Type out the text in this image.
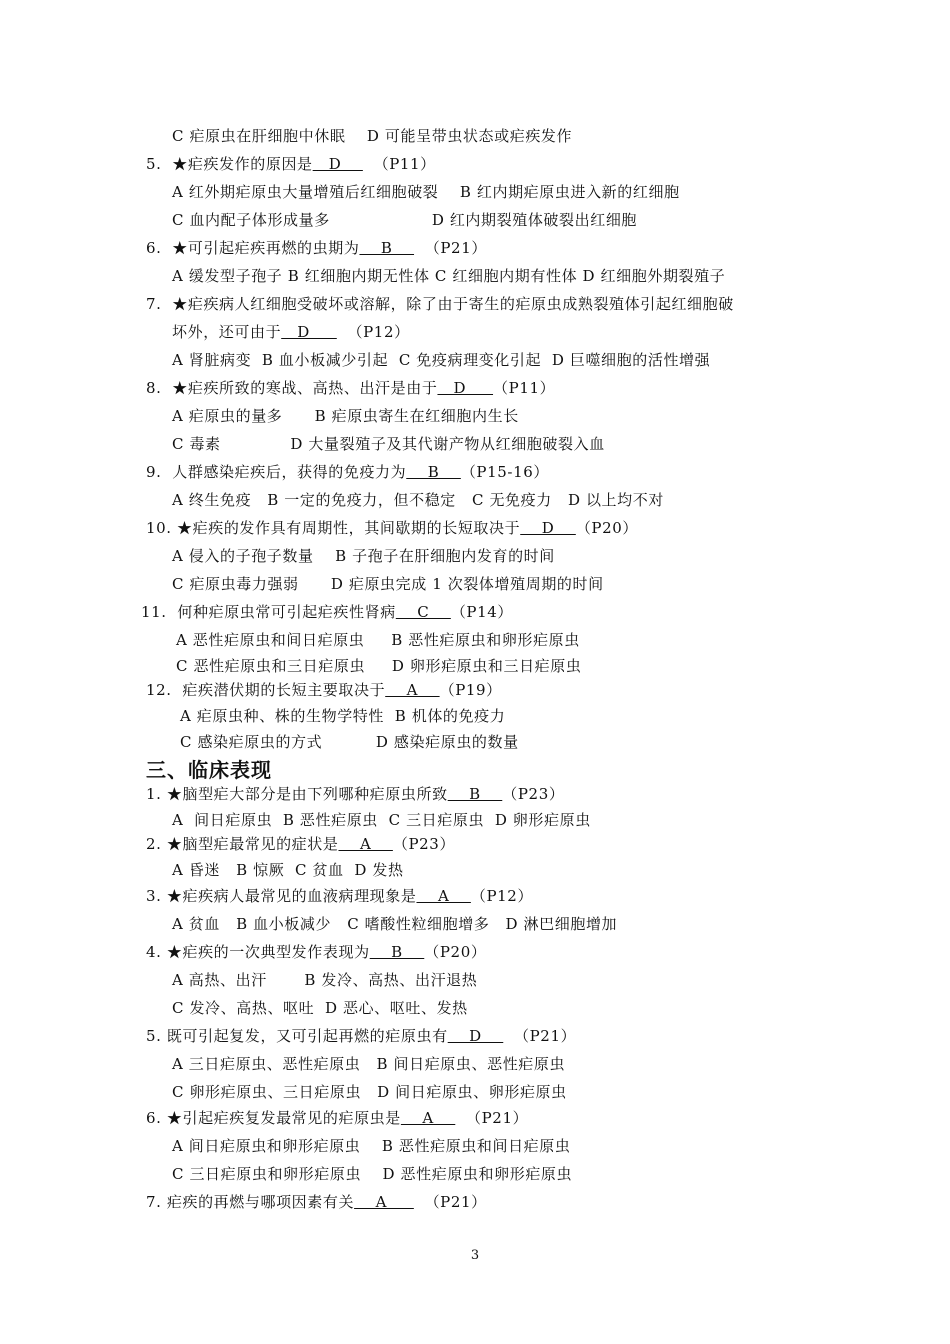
三、临床表现
3
C 疟原虫在肝细胞中休眠    D 可能呈带虫状态或疟疾发作
5.  ★疟疾发作的原因是   D      （P11）
A 红外期疟原虫大量增殖后红细胞破裂    B 红内期疟原虫进入新的红细胞
C 血内配子体形成量多                   D 红内期裂殖体破裂出红细胞
6.  ★可引起疟疾再燃的虫期为    B      （P21）
A 缓发型子孢子 B 红细胞内期无性体 C 红细胞内期有性体 D 红细胞外期裂殖子
7.  ★疟疾病人红细胞受破坏或溶解，除了由于寄生的疟原虫成熟裂殖体引起红细胞破
坏外，还可由于   D       （P12）
A 肾脏病变  B 血小板减少引起  C 免疫病理变化引起  D 巨噬细胞的活性增强
8.  ★疟疾所致的寒战、高热、出汗是由于   D     （P11）
A 疟原虫的量多      B 疟原虫寄生在红细胞内生长
C 毒素             D 大量裂殖子及其代谢产物从红细胞破裂入血
9.  人群感染疟疾后，获得的免疫力为    B    （P15-16）
A 终生免疫   B 一定的免疫力，但不稳定   C 无免疫力   D 以上均不对
10. ★疟疾的发作具有周期性，其间歇期的长短取决于    D    （P20）
A 侵入的子孢子数量    B 子孢子在肝细胞内发育的时间
C 疟原虫毒力强弱      D 疟原虫完成 1 次裂体增殖周期的时间
11.  何种疟原虫常可引起疟疾性肾病    C    （P14）
A 恶性疟原虫和间日疟原虫     B 恶性疟原虫和卵形疟原虫
C 恶性疟原虫和三日疟原虫     D 卵形疟原虫和三日疟原虫
12.  疟疾潜伏期的长短主要取决于    A    （P19）
A 疟原虫种、株的生物学特性  B 机体的免疫力
C 感染疟原虫的方式          D 感染疟原虫的数量
1. ★脑型疟大部分是由下列哪种疟原虫所致    B    （P23）
A  间日疟原虫  B 恶性疟原虫  C 三日疟原虫  D 卵形疟原虫
2. ★脑型疟最常见的症状是    A    （P23）
A 昏迷   B 惊厥  C 贫血  D 发热
3. ★疟疾病人最常见的血液病理现象是    A    （P12）
A 贫血   B 血小板减少   C 嗜酸性粒细胞增多   D 淋巴细胞增加
4. ★疟疾的一次典型发作表现为    B    （P20）
A 高热、出汗       B 发冷、高热、出汗退热
C 发冷、高热、呕吐  D 恶心、呕吐、发热
5. 既可引起复发，又可引起再燃的疟原虫有    D      （P21）
A 三日疟原虫、恶性疟原虫   B 间日疟原虫、恶性疟原虫
C 卵形疟原虫、三日疟原虫   D 间日疟原虫、卵形疟原虫
6. ★引起疟疾复发最常见的疟原虫是    A      （P21）
A 间日疟原虫和卵形疟原虫    B 恶性疟原虫和间日疟原虫
C 三日疟原虫和卵形疟原虫    D 恶性疟原虫和卵形疟原虫
7. 疟疾的再燃与哪项因素有关    A       （P21）
